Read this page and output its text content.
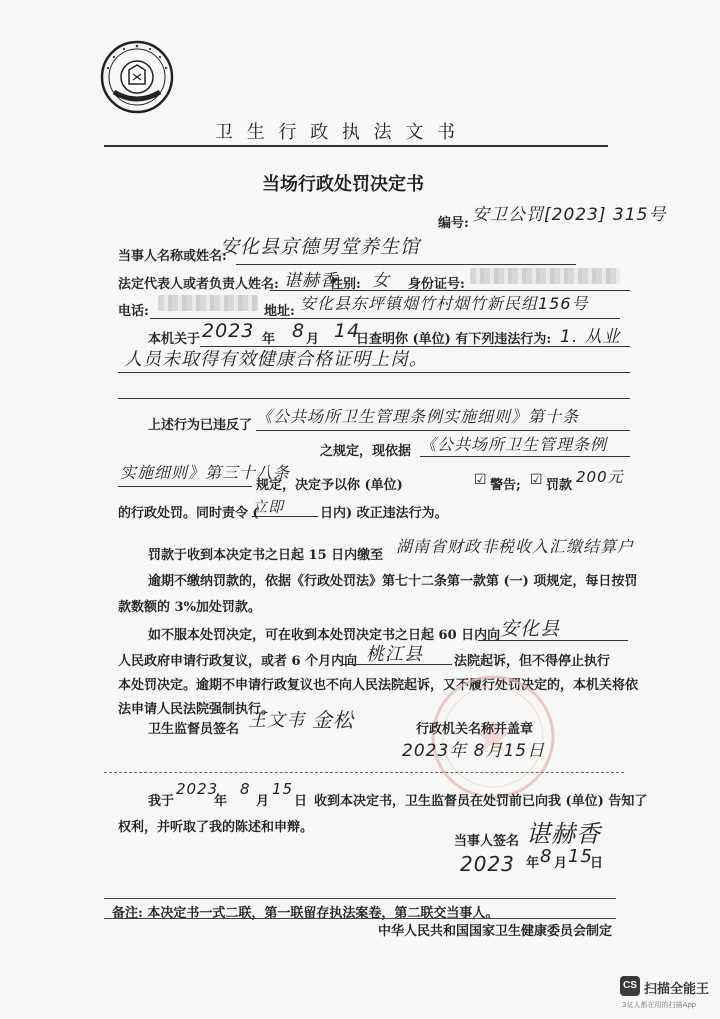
卫 生 行 政 执 法 文 书
当场行政处罚决定书
编号: 安卫公罚[2023] 315号
当事人名称或姓名:
安化县京德男堂养生馆
法定代表人或者负责人姓名: 谌赫香
性别: 女 身份证号:
电话:	地址: 安化县东坪镇烟竹村烟竹新民组156号
本机关于 2023 年 8 月 14
日查明你 (单位) 有下列违法行为: 1. 从业
人员未取得有效健康合格证明上岗。
上述行为已违反了 《公共场所卫生管理条例实施细则》第十条
之规定，现依据 《公共场所卫生管理条例
实施细则》第三十八条
规定，决定予以你 (单位)	☑ 警告; ☑ 罚款 200元
的行政处罚。同时责令 (
立即	日内) 改正违法行为。
罚款于收到本决定书之日起 15 日内缴至 湖南省财政非税收入汇缴结算户
逾期不缴纳罚款的，依据《行政处罚法》第七十二条第一款第 (一) 项规定，每日按罚
款数额的 3%加处罚款。
如不服本处罚决定，可在收到本处罚决定书之日起 60 日内向 安化县
人民政府申请行政复议，或者 6 个月内向 桃江县 法院起诉，但不得停止执行
本处罚决定。逾期不申请行政复议也不向人民法院起诉，又不履行处罚决定的，本机关将依
法申请人民法院强制执行。
卫生监督员签名 王文韦 金松	行政机关名称并盖章
2023年 8月15日
我于
2023
年
8
月
15
日 收到本决定书，卫生监督员在处罚前已向我 (单位) 告知了
权利，并听取了我的陈述和申辩。
当事人签名 谌赫香
2023 年 8 月 15
日
备注: 本决定书一式二联，第一联留存执法案卷，第二联交当事人。
中华人民共和国国家卫生健康委员会制定
CS 扫描全能王
3亿人都在用的扫描App
